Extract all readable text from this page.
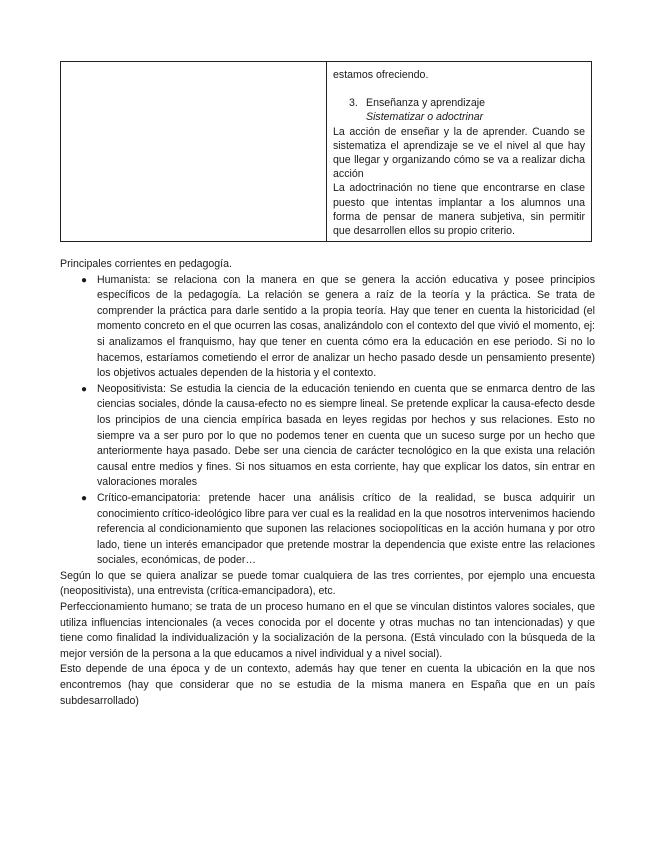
estamos ofreciendo.

3. Enseñanza y aprendizaje

Sistematizar o adoctrinar

La acción de enseñar y la de aprender. Cuando se sistematiza el aprendizaje se ve el nivel al que hay que llegar y organizando cómo se va a realizar dicha acción

La adoctrinación no tiene que encontrarse en clase puesto que intentas implantar a los alumnos una forma de pensar de manera subjetiva, sin permitir que desarrollen ellos su propio criterio.

Principales corrientes en pedagogía.

● Humanista: se relaciona con la manera en que se genera la acción educativa y posee principios específicos de la pedagogía. La relación se genera a raíz de la teoría y la práctica. Se trata de comprender la práctica para darle sentido a la propia teoría. Hay que tener en cuenta la historicidad (el momento concreto en el que ocurren las cosas, analizándolo con el contexto del que vivió el momento, ej: si analizamos el franquismo, hay que tener en cuenta cómo era la educación en ese periodo. Si no lo hacemos, estaríamos cometiendo el error de analizar un hecho pasado desde un pensamiento presente) los objetivos actuales dependen de la historia y el contexto.
● Neopositivista: Se estudia la ciencia de la educación teniendo en cuenta que se enmarca dentro de las ciencias sociales, dónde la causa-efecto no es siempre lineal. Se pretende explicar la causa-efecto desde los principios de una ciencia empírica basada en leyes regidas por hechos y sus relaciones. Esto no siempre va a ser puro por lo que no podemos tener en cuenta que un suceso surge por un hecho que anteriormente haya pasado. Debe ser una ciencia de carácter tecnológico en la que exista una relación causal entre medios y fines. Si nos situamos en esta corriente, hay que explicar los datos, sin entrar en valoraciones morales
● Crítico-emancipatoria: pretende hacer una análisis crítico de la realidad, se busca adquirir un conocimiento crítico-ideológico libre para ver cual es la realidad en la que nosotros intervenimos haciendo referencia al condicionamiento que suponen las relaciones sociopolíticas en la acción humana y por otro lado, tiene un interés emancipador que pretende mostrar la dependencia que existe entre las relaciones sociales, económicas, de poder…

Según lo que se quiera analizar se puede tomar cualquiera de las tres corrientes, por ejemplo una encuesta (neopositivista), una entrevista (crítica-emancipadora), etc.

Perfeccionamiento humano; se trata de un proceso humano en el que se vinculan distintos valores sociales, que utiliza influencias intencionales (a veces conocida por el docente y otras muchas no tan intencionadas) y que tiene como finalidad la individualización y la socialización de la persona. (Está vinculado con la búsqueda de la mejor versión de la persona a la que educamos a nivel individual y a nivel social).

Esto depende de una época y de un contexto, además hay que tener en cuenta la ubicación en la que nos encontremos (hay que considerar que no se estudia de la misma manera en España que en un país subdesarrollado)
